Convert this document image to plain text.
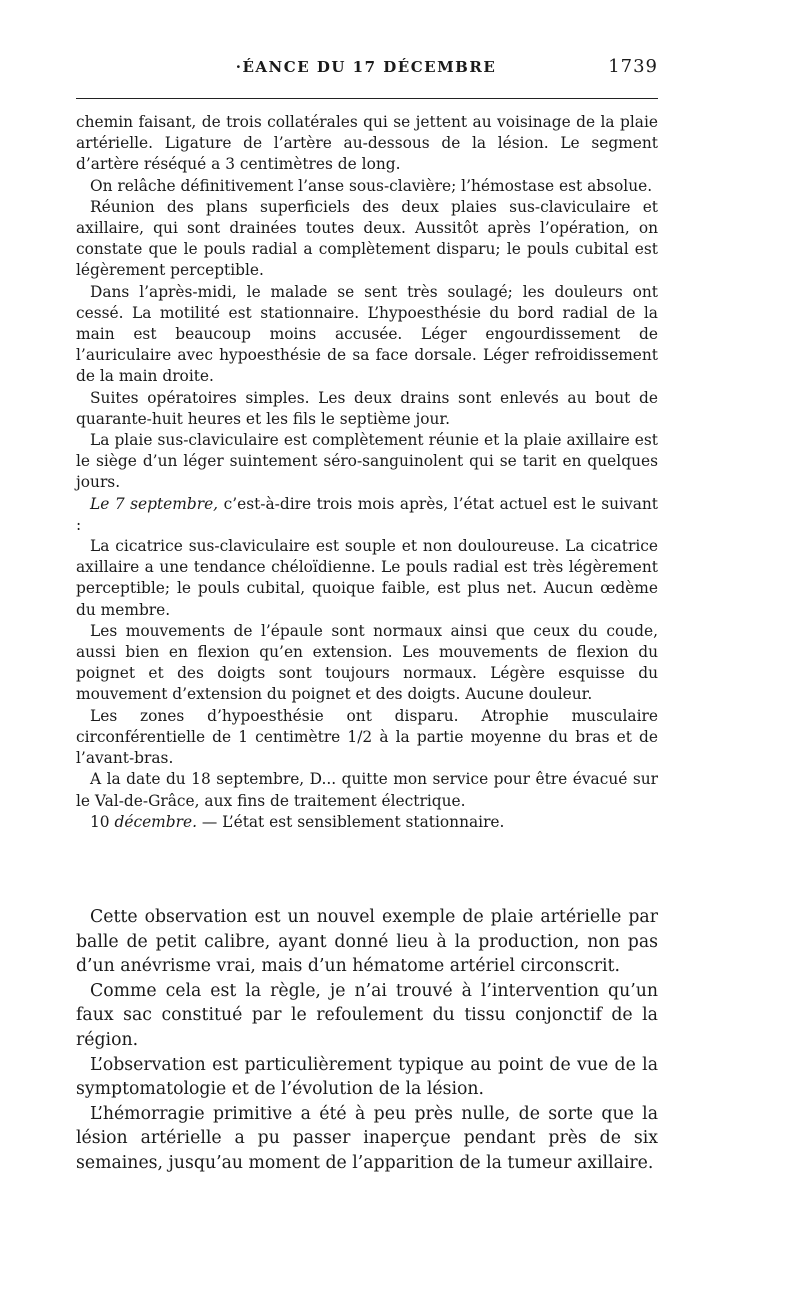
·ÉANCE DU 17 DÉCEMBRE	1739

chemin faisant, de trois collatérales qui se jettent au voisinage de la plaie artérielle. Ligature de l’artère au-dessous de la lésion. Le segment d’artère réséqué a 3 centimètres de long.

On relâche définitivement l’anse sous-clavière; l’hémostase est absolue.

Réunion des plans superficiels des deux plaies sus-claviculaire et axillaire, qui sont drainées toutes deux. Aussitôt après l’opération, on constate que le pouls radial a complètement disparu; le pouls cubital est légèrement perceptible.

Dans l’après-midi, le malade se sent très soulagé; les douleurs ont cessé. La motilité est stationnaire. L’hypoesthésie du bord radial de la main est beaucoup moins accusée. Léger engourdissement de l’auriculaire avec hypoesthésie de sa face dorsale. Léger refroidissement de la main droite.

Suites opératoires simples. Les deux drains sont enlevés au bout de quarante-huit heures et les fils le septième jour.

La plaie sus-claviculaire est complètement réunie et la plaie axillaire est le siège d’un léger suintement séro-sanguinolent qui se tarit en quelques jours.

Le 7 septembre, c’est-à-dire trois mois après, l’état actuel est le suivant :

La cicatrice sus-claviculaire est souple et non douloureuse. La cicatrice axillaire a une tendance chéloïdienne. Le pouls radial est très légèrement perceptible; le pouls cubital, quoique faible, est plus net. Aucun œdème du membre.

Les mouvements de l’épaule sont normaux ainsi que ceux du coude, aussi bien en flexion qu’en extension. Les mouvements de flexion du poignet et des doigts sont toujours normaux. Légère esquisse du mouvement d’extension du poignet et des doigts. Aucune douleur.

Les zones d’hypoesthésie ont disparu. Atrophie musculaire circonférentielle de 1 centimètre 1/2 à la partie moyenne du bras et de l’avant-bras.

A la date du 18 septembre, D... quitte mon service pour être évacué sur le Val-de-Grâce, aux fins de traitement électrique.

10 décembre. — L’état est sensiblement stationnaire.

Cette observation est un nouvel exemple de plaie artérielle par balle de petit calibre, ayant donné lieu à la production, non pas d’un anévrisme vrai, mais d’un hématome artériel circonscrit.

Comme cela est la règle, je n’ai trouvé à l’intervention qu’un faux sac constitué par le refoulement du tissu conjonctif de la région.

L’observation est particulièrement typique au point de vue de la symptomatologie et de l’évolution de la lésion.

L’hémorragie primitive a été à peu près nulle, de sorte que la lésion artérielle a pu passer inaperçue pendant près de six semaines, jusqu’au moment de l’apparition de la tumeur axillaire.
